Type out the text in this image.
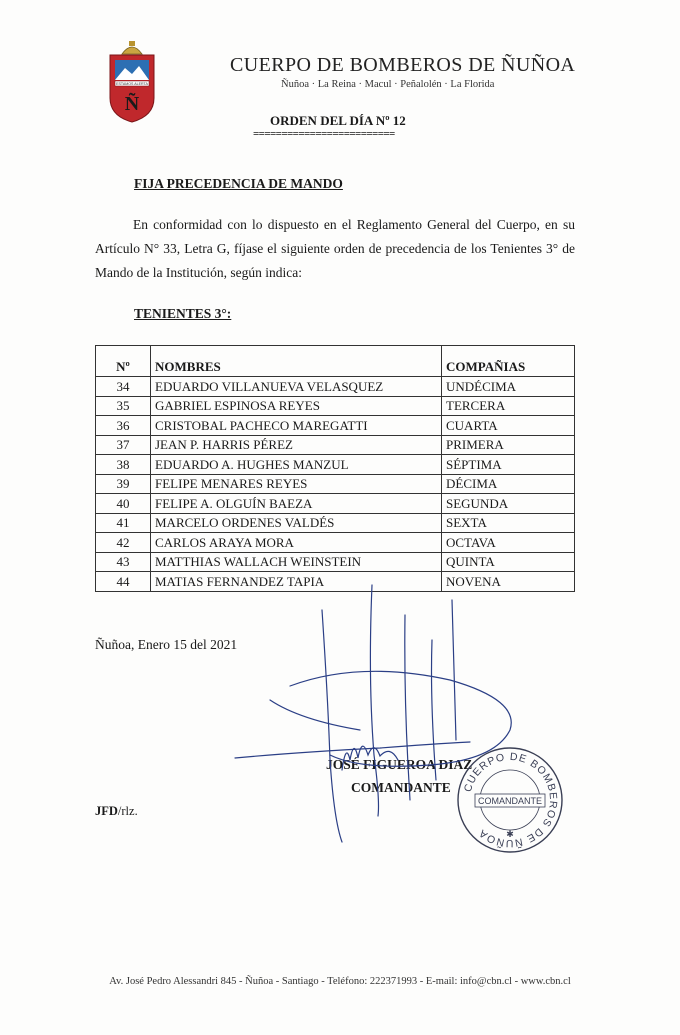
ESTAMOS ALERTA
Ñ
CUERPO DE BOMBEROS DE ÑUÑOA
Ñuñoa · La Reina · Macul · Peñalolén · La Florida
ORDEN DEL DÍA Nº 12
=========================
FIJA PRECEDENCIA DE MANDO
En conformidad con lo dispuesto en el Reglamento General del Cuerpo, en su Artículo N° 33, Letra G, fíjase el siguiente orden de precedencia de los Tenientes 3° de Mando de la Institución, según indica:
TENIENTES 3°:
Nº	NOMBRES	COMPAÑIAS
34	EDUARDO VILLANUEVA VELASQUEZ	UNDÉCIMA
35	GABRIEL ESPINOSA REYES	TERCERA
36	CRISTOBAL PACHECO MAREGATTI	CUARTA
37	JEAN P. HARRIS PÉREZ	PRIMERA
38	EDUARDO A. HUGHES MANZUL	SÉPTIMA
39	FELIPE MENARES REYES	DÉCIMA
40	FELIPE A. OLGUÍN BAEZA	SEGUNDA
41	MARCELO ORDENES VALDÉS	SEXTA
42	CARLOS ARAYA MORA	OCTAVA
43	MATTHIAS WALLACH WEINSTEIN	QUINTA
44	MATIAS FERNANDEZ TAPIA	NOVENA
Ñuñoa, Enero 15 del 2021
JOSÉ FIGUEROA DIAZ
COMANDANTE
JFD/rlz.
CUERPO DE BOMBEROS DE ÑUÑOA
COMANDANTE
✱
Av. José Pedro Alessandri 845 - Ñuñoa - Santiago - Teléfono: 222371993 - E-mail: info@cbn.cl - www.cbn.cl
